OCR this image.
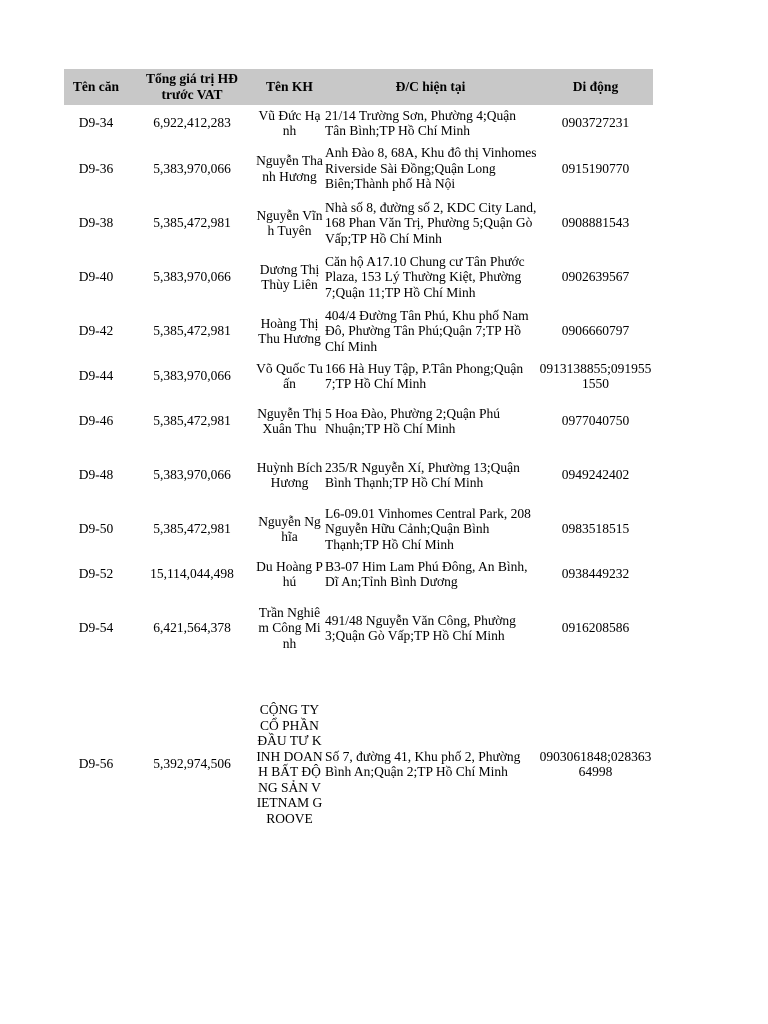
Tên căn	Tổng giá trị HĐ trước VAT	Tên KH	Đ/C hiện tại	Di động
D9-34	6,922,412,283	Vũ Đức Hạnh	21/14 Trường Sơn, Phường 4;Quận Tân Bình;TP Hồ Chí Minh	0903727231
D9-36	5,383,970,066	Nguyễn Thanh Hương	Anh Đào 8, 68A, Khu đô thị Vinhomes Riverside Sài Đồng;Quận Long Biên;Thành phố Hà Nội	0915190770
D9-38	5,385,472,981	Nguyễn Vĩnh Tuyên	Nhà số 8, đường số 2, KDC City Land, 168 Phan Văn Trị, Phường 5;Quận Gò Vấp;TP Hồ Chí Minh	0908881543
D9-40	5,383,970,066	Dương Thị Thùy Liên	Căn hộ A17.10 Chung cư Tân Phước Plaza, 153 Lý Thường Kiệt, Phường 7;Quận 11;TP Hồ Chí Minh	0902639567
D9-42	5,385,472,981	Hoàng Thị Thu Hương	404/4 Đường Tân Phú, Khu phố Nam Đô, Phường Tân Phú;Quận 7;TP Hồ Chí Minh	0906660797
D9-44	5,383,970,066	Võ Quốc Tuấn	166 Hà Huy Tập, P.Tân Phong;Quận 7;TP Hồ Chí Minh	0913138855;0919551550
D9-46	5,385,472,981	Nguyễn Thị Xuân Thu	5 Hoa Đào, Phường 2;Quận Phú Nhuận;TP Hồ Chí Minh	0977040750
D9-48	5,383,970,066	Huỳnh Bích Hương	235/R Nguyễn Xí, Phường 13;Quận Bình Thạnh;TP Hồ Chí Minh	0949242402
D9-50	5,385,472,981	Nguyễn Nghĩa	L6-09.01 Vinhomes Central Park, 208 Nguyễn Hữu Cảnh;Quận Bình Thạnh;TP Hồ Chí Minh	0983518515
D9-52	15,114,044,498	Du Hoàng Phú	B3-07 Him Lam Phú Đông, An Bình, Dĩ An;Tỉnh Bình Dương	0938449232
D9-54	6,421,564,378	Trần Nghiêm Công Minh	491/48 Nguyễn Văn Công, Phường 3;Quận Gò Vấp;TP Hồ Chí Minh	0916208586
D9-56	5,392,974,506	CỘNG TY CỔ PHẦN ĐẦU TƯ KINH DOANH BẤT ĐỘNG SẢN VIETNAM GROOVE	Số 7, đường 41, Khu phố 2, Phường Bình An;Quận 2;TP Hồ Chí Minh	0903061848;02836364998
